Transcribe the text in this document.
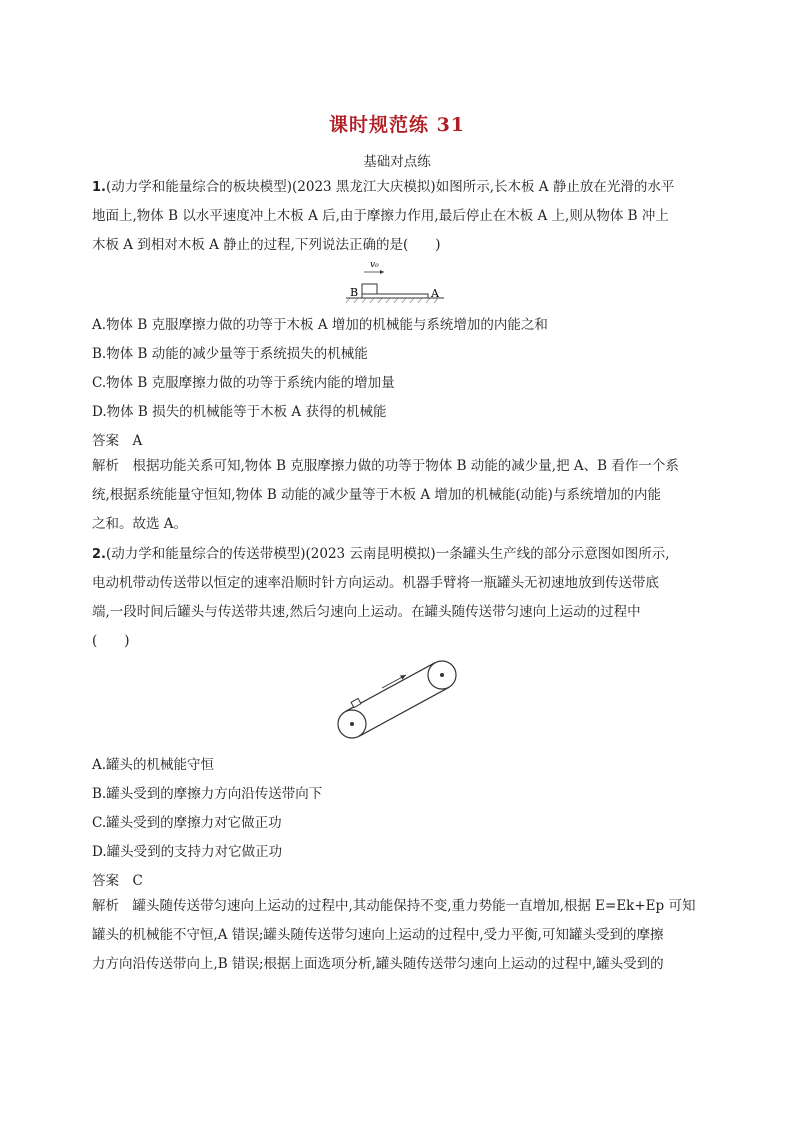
课时规范练 31
基础对点练
1.(动力学和能量综合的板块模型)(2023 黑龙江大庆模拟)如图所示,长木板 A 静止放在光滑的水平
地面上,物体 B 以水平速度冲上木板 A 后,由于摩擦力作用,最后停止在木板 A 上,则从物体 B 冲上
木板 A 到相对木板 A 静止的过程,下列说法正确的是(　　)
v₀
B	A
A.物体 B 克服摩擦力做的功等于木板 A 增加的机械能与系统增加的内能之和
B.物体 B 动能的减少量等于系统损失的机械能
C.物体 B 克服摩擦力做的功等于系统内能的增加量
D.物体 B 损失的机械能等于木板 A 获得的机械能
答案　A
解析　根据功能关系可知,物体 B 克服摩擦力做的功等于物体 B 动能的减少量,把 A、B 看作一个系
统,根据系统能量守恒知,物体 B 动能的减少量等于木板 A 增加的机械能(动能)与系统增加的内能
之和。故选 A。
2.(动力学和能量综合的传送带模型)(2023 云南昆明模拟)一条罐头生产线的部分示意图如图所示,
电动机带动传送带以恒定的速率沿顺时针方向运动。机器手臂将一瓶罐头无初速地放到传送带底
端,一段时间后罐头与传送带共速,然后匀速向上运动。在罐头随传送带匀速向上运动的过程中
(　　)
A.罐头的机械能守恒
B.罐头受到的摩擦力方向沿传送带向下
C.罐头受到的摩擦力对它做正功
D.罐头受到的支持力对它做正功
答案　C
解析　罐头随传送带匀速向上运动的过程中,其动能保持不变,重力势能一直增加,根据 E=Ek+Ep 可知
罐头的机械能不守恒,A 错误;罐头随传送带匀速向上运动的过程中,受力平衡,可知罐头受到的摩擦
力方向沿传送带向上,B 错误;根据上面选项分析,罐头随传送带匀速向上运动的过程中,罐头受到的
